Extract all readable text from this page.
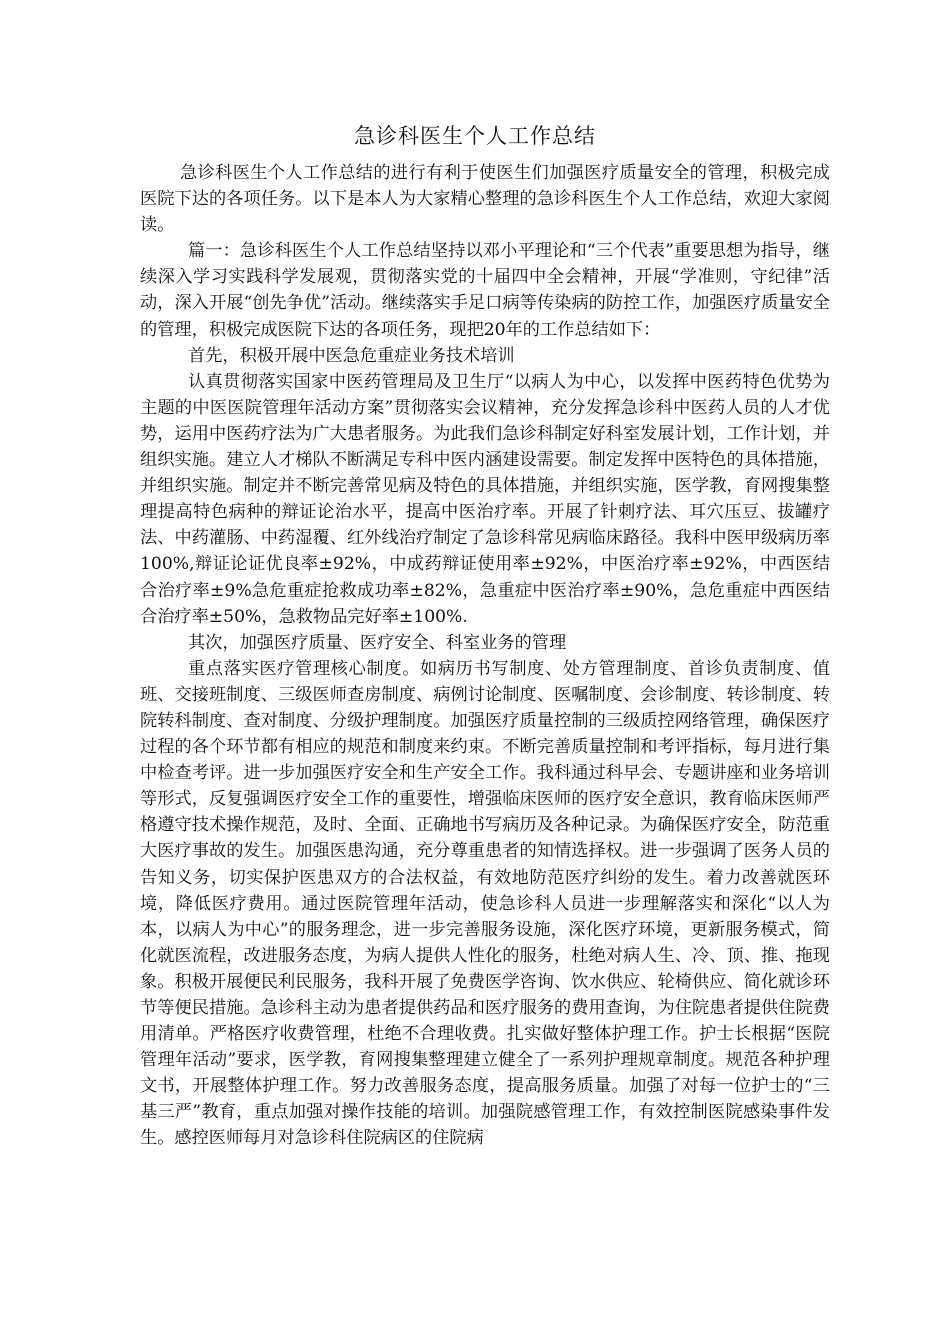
急诊科医生个人工作总结

急诊科医生个人工作总结的进行有利于使医生们加强医疗质量安全的管理，积极完成医院下达的各项任务。以下是本人为大家精心整理的急诊科医生个人工作总结，欢迎大家阅读。

篇一：急诊科医生个人工作总结坚持以邓小平理论和“三个代表”重要思想为指导，继续深入学习实践科学发展观，贯彻落实党的十届四中全会精神，开展“学准则，守纪律”活动，深入开展“创先争优”活动。继续落实手足口病等传染病的防控工作，加强医疗质量安全的管理，积极完成医院下达的各项任务，现把20年的工作总结如下：

首先，积极开展中医急危重症业务技术培训

认真贯彻落实国家中医药管理局及卫生厅“以病人为中心，以发挥中医药特色优势为主题的中医医院管理年活动方案”贯彻落实会议精神，充分发挥急诊科中医药人员的人才优势，运用中医药疗法为广大患者服务。为此我们急诊科制定好科室发展计划，工作计划，并组织实施。建立人才梯队不断满足专科中医内涵建设需要。制定发挥中医特色的具体措施，并组织实施。制定并不断完善常见病及特色的具体措施，并组织实施，医学教，育网搜集整理提高特色病种的辩证论治水平，提高中医治疗率。开展了针刺疗法、耳穴压豆、拔罐疗法、中药灌肠、中药湿覆、红外线治疗制定了急诊科常见病临床路径。我科中医甲级病历率100%,辩证论证优良率±92%，中成药辩证使用率±92%，中医治疗率±92%，中西医结合治疗率±9%急危重症抢救成功率±82%，急重症中医治疗率±90%，急危重症中西医结合治疗率±50%，急救物品完好率±100%.

其次，加强医疗质量、医疗安全、科室业务的管理

重点落实医疗管理核心制度。如病历书写制度、处方管理制度、首诊负责制度、值班、交接班制度、三级医师查房制度、病例讨论制度、医嘱制度、会诊制度、转诊制度、转院转科制度、查对制度、分级护理制度。加强医疗质量控制的三级质控网络管理，确保医疗过程的各个环节都有相应的规范和制度来约束。不断完善质量控制和考评指标，每月进行集中检查考评。进一步加强医疗安全和生产安全工作。我科通过科早会、专题讲座和业务培训等形式，反复强调医疗安全工作的重要性，增强临床医师的医疗安全意识，教育临床医师严格遵守技术操作规范，及时、全面、正确地书写病历及各种记录。为确保医疗安全，防范重大医疗事故的发生。加强医患沟通，充分尊重患者的知情选择权。进一步强调了医务人员的告知义务，切实保护医患双方的合法权益，有效地防范医疗纠纷的发生。着力改善就医环境，降低医疗费用。通过医院管理年活动，使急诊科人员进一步理解落实和深化“以人为本，以病人为中心”的服务理念，进一步完善服务设施，深化医疗环境，更新服务模式，简化就医流程，改进服务态度，为病人提供人性化的服务，杜绝对病人生、冷、顶、推、拖现象。积极开展便民利民服务，我科开展了免费医学咨询、饮水供应、轮椅供应、简化就诊环节等便民措施。急诊科主动为患者提供药品和医疗服务的费用查询，为住院患者提供住院费用清单。严格医疗收费管理，杜绝不合理收费。扎实做好整体护理工作。护士长根据“医院管理年活动”要求，医学教，育网搜集整理建立健全了一系列护理规章制度。规范各种护理文书，开展整体护理工作。努力改善服务态度，提高服务质量。加强了对每一位护士的“三基三严”教育，重点加强对操作技能的培训。加强院感管理工作，有效控制医院感染事件发生。感控医师每月对急诊科住院病区的住院病
